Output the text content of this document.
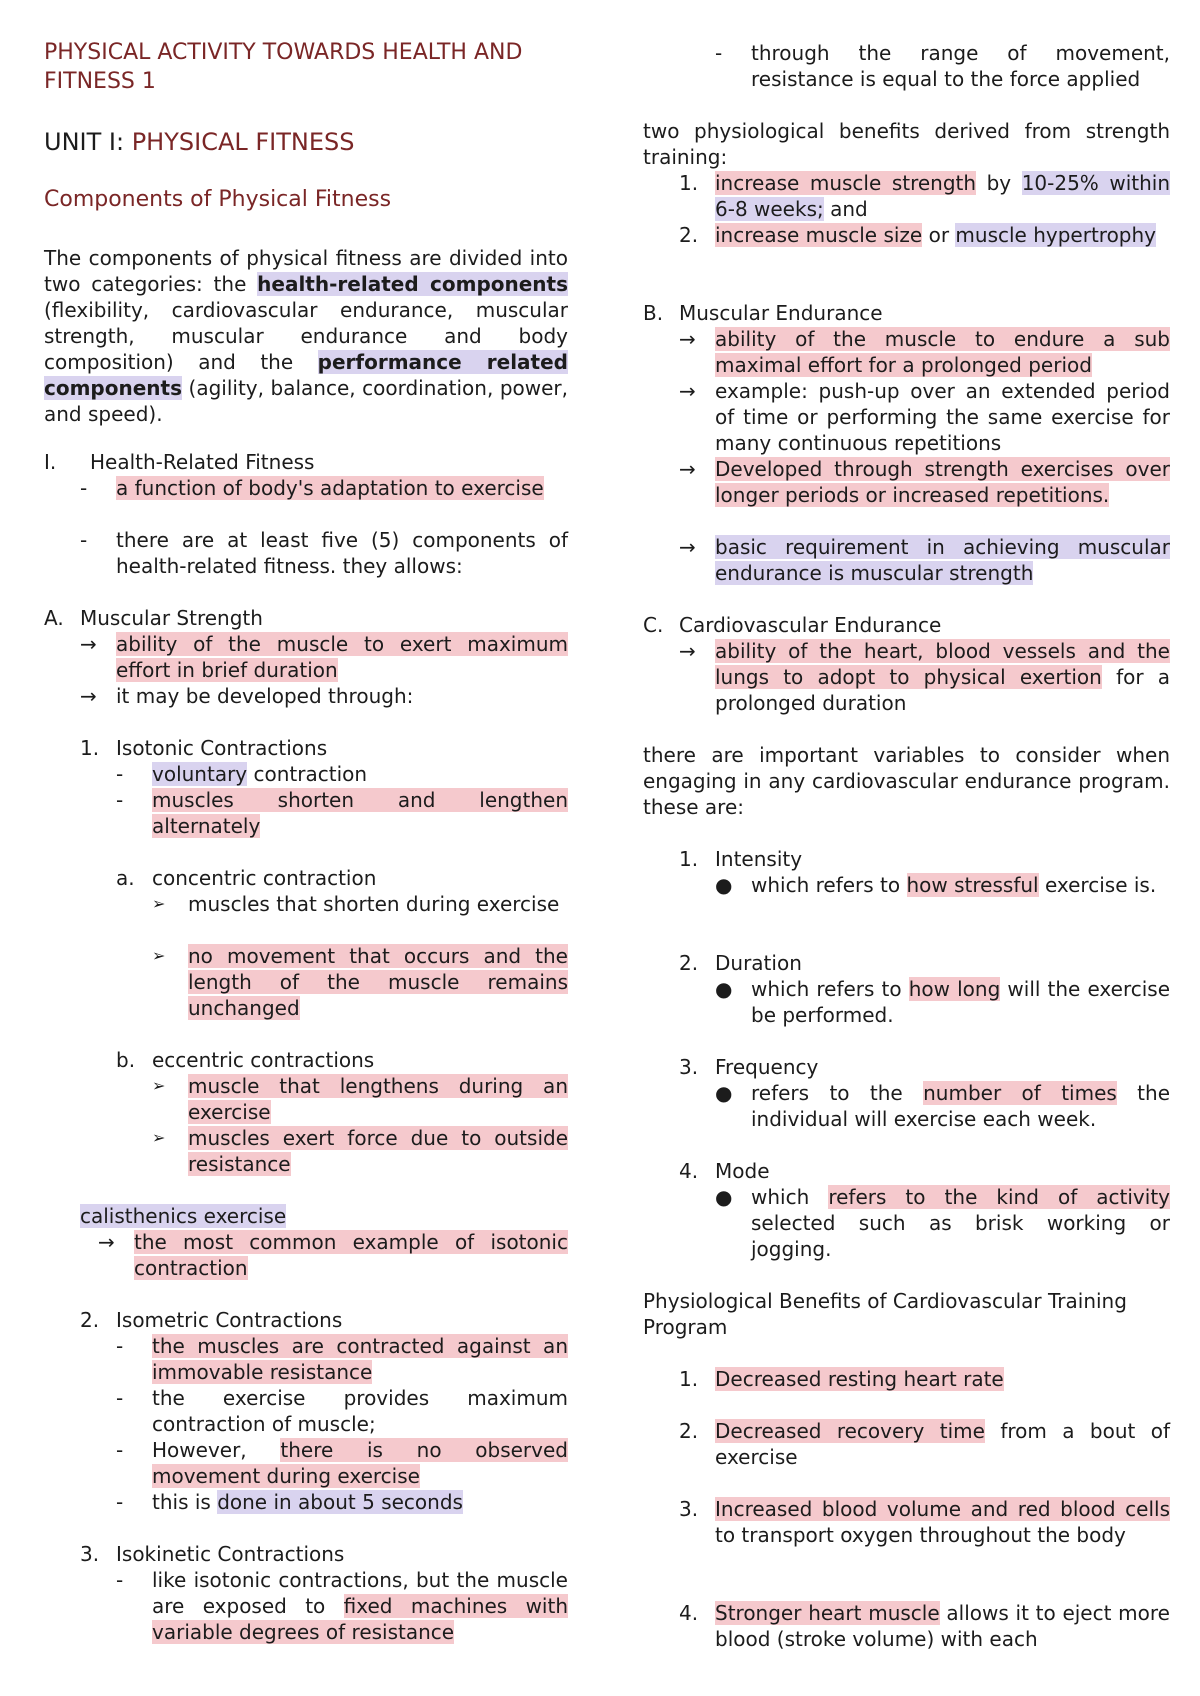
PHYSICAL ACTIVITY TOWARDS HEALTH AND FITNESS 1
UNIT I: PHYSICAL FITNESS
Components of Physical Fitness
The components of physical fitness are divided into two categories: the health-related components (flexibility, cardiovascular endurance, muscular strength, muscular endurance and body composition) and the performance related components (agility, balance, coordination, power, and speed).
I. Health-Related Fitness
- a function of body's adaptation to exercise
- there are at least five (5) components of health-related fitness. they allows:
A. Muscular Strength
→ ability of the muscle to exert maximum effort in brief duration
→ it may be developed through:
1. Isotonic Contractions
- voluntary contraction
- muscles shorten and lengthen alternately
a. concentric contraction
➢ muscles that shorten during exercise
➢ no movement that occurs and the length of the muscle remains unchanged
b. eccentric contractions
➢ muscle that lengthens during an exercise
➢ muscles exert force due to outside resistance
calisthenics exercise
→ the most common example of isotonic contraction
2. Isometric Contractions
- the muscles are contracted against an immovable resistance
- the exercise provides maximum contraction of muscle;
- However, there is no observed movement during exercise
- this is done in about 5 seconds
3. Isokinetic Contractions
- like isotonic contractions, but the muscle are exposed to fixed machines with variable degrees of resistance
- through the range of movement, resistance is equal to the force applied
two physiological benefits derived from strength training:
1. increase muscle strength by 10-25% within 6-8 weeks; and
2. increase muscle size or muscle hypertrophy
B. Muscular Endurance
→ ability of the muscle to endure a sub maximal effort for a prolonged period
→ example: push-up over an extended period of time or performing the same exercise for many continuous repetitions
→ Developed through strength exercises over longer periods or increased repetitions.
→ basic requirement in achieving muscular endurance is muscular strength
C. Cardiovascular Endurance
→ ability of the heart, blood vessels and the lungs to adopt to physical exertion for a prolonged duration
there are important variables to consider when engaging in any cardiovascular endurance program. these are:
1. Intensity
● which refers to how stressful exercise is.
2. Duration
● which refers to how long will the exercise be performed.
3. Frequency
● refers to the number of times the individual will exercise each week.
4. Mode
● which refers to the kind of activity selected such as brisk working or jogging.
Physiological Benefits of Cardiovascular Training Program
1. Decreased resting heart rate
2. Decreased recovery time from a bout of exercise
3. Increased blood volume and red blood cells to transport oxygen throughout the body
4. Stronger heart muscle allows it to eject more blood (stroke volume) with each
